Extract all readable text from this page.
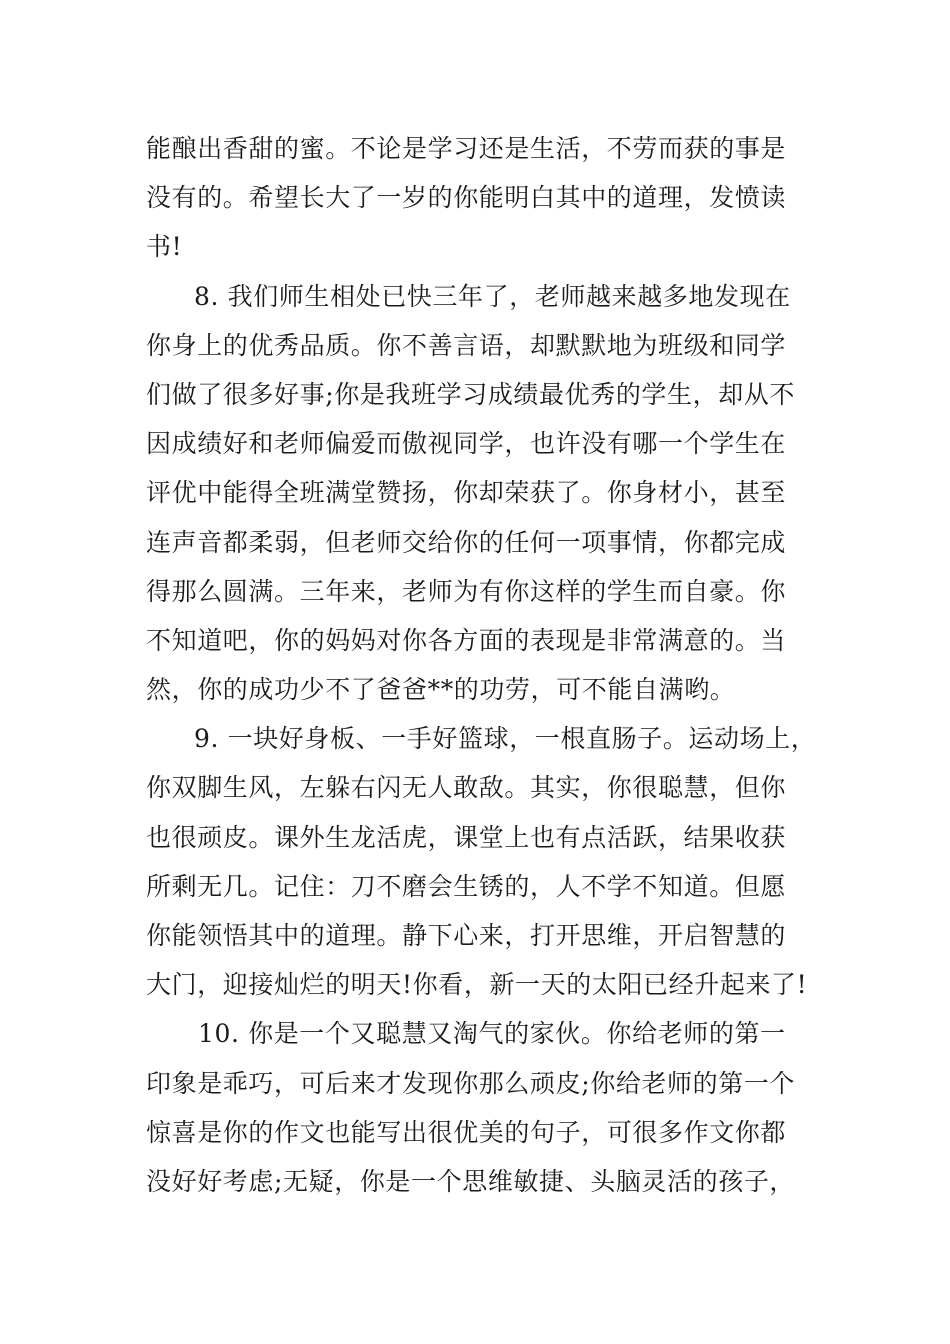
能酿出香甜的蜜。不论是学习还是生活，不劳而获的事是
没有的。希望长大了一岁的你能明白其中的道理，发愤读
书!
8. 我们师生相处已快三年了，老师越来越多地发现在
你身上的优秀品质。你不善言语，却默默地为班级和同学
们做了很多好事;你是我班学习成绩最优秀的学生，却从不
因成绩好和老师偏爱而傲视同学，也许没有哪一个学生在
评优中能得全班满堂赞扬，你却荣获了。你身材小，甚至
连声音都柔弱，但老师交给你的任何一项事情，你都完成
得那么圆满。三年来，老师为有你这样的学生而自豪。你
不知道吧，你的妈妈对你各方面的表现是非常满意的。当
然，你的成功少不了爸爸**的功劳，可不能自满哟。
9. 一块好身板、一手好篮球，一根直肠子。运动场上，
你双脚生风，左躲右闪无人敢敌。其实，你很聪慧，但你
也很顽皮。课外生龙活虎，课堂上也有点活跃，结果收获
所剩无几。记住：刀不磨会生锈的，人不学不知道。但愿
你能领悟其中的道理。静下心来，打开思维，开启智慧的
大门，迎接灿烂的明天!你看，新一天的太阳已经升起来了!
10. 你是一个又聪慧又淘气的家伙。你给老师的第一
印象是乖巧，可后来才发现你那么顽皮;你给老师的第一个
惊喜是你的作文也能写出很优美的句子，可很多作文你都
没好好考虑;无疑，你是一个思维敏捷、头脑灵活的孩子，
